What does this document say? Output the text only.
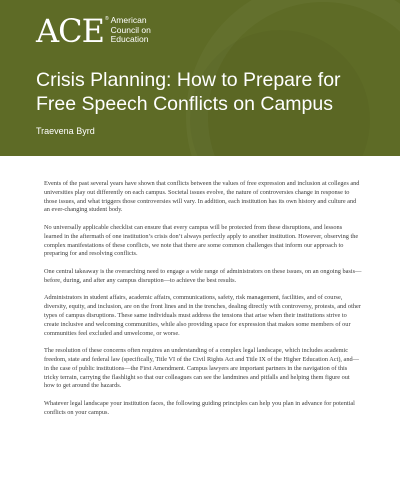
ACE ® American
Council on
Education
Crisis Planning: How to Prepare for Free Speech Conflicts on Campus
Traevena Byrd

Events of the past several years have shown that conflicts between the values of free expression and inclusion at colleges and universities play out differently on each campus. Societal issues evolve, the nature of controversies change in response to those issues, and what triggers those controversies will vary. In addition, each institution has its own history and culture and an ever-changing student body.

No universally applicable checklist can ensure that every campus will be protected from these disruptions, and lessons learned in the aftermath of one institution’s crisis don’t always perfectly apply to another institution. However, observing the complex manifestations of these conflicts, we note that there are some common challenges that inform our approach to preparing for and resolving conflicts.

One central takeaway is the overarching need to engage a wide range of administrators on these issues, on an ongoing basis—before, during, and after any campus disruption—to achieve the best results.

Administrators in student affairs, academic affairs, communications, safety, risk management, facilities, and of course, diversity, equity, and inclusion, are on the front lines and in the trenches, dealing directly with controversy, protests, and other types of campus disruptions. These same individuals must address the tensions that arise when their institutions strive to create inclusive and welcoming communities, while also providing space for expression that makes some members of our communities feel excluded and unwelcome, or worse.

The resolution of these concerns often requires an understanding of a complex legal landscape, which includes academic freedom, state and federal law (specifically, Title VI of the Civil Rights Act and Title IX of the Higher Education Act), and—in the case of public institutions—the First Amendment. Campus lawyers are important partners in the navigation of this tricky terrain, carrying the flashlight so that our colleagues can see the landmines and pitfalls and helping them figure out how to get around the hazards.

Whatever legal landscape your institution faces, the following guiding principles can help you plan in advance for potential conflicts on your campus.
